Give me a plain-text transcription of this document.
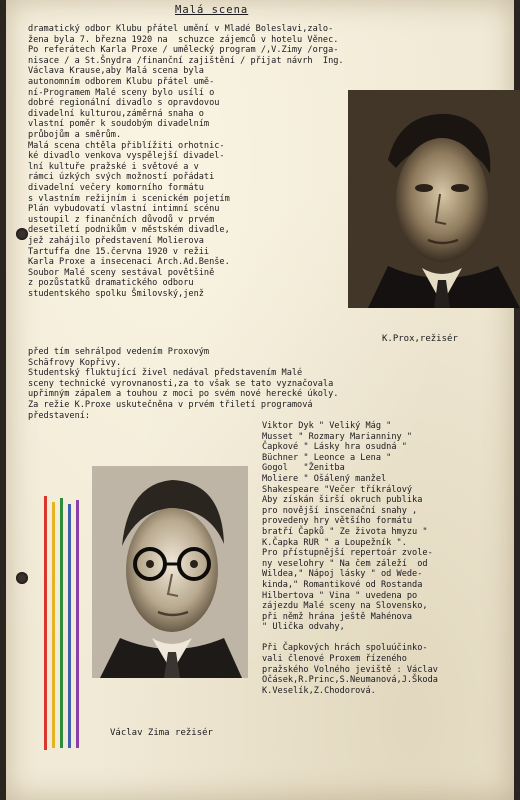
Malá scena
dramatický odbor Klubu přátel umění v Mladé Boleslavi,zalo-
žena byla 7. března 1920 na  schuzce zájemců v hotelu Věnec.
Po referátech Karla Proxe / umělecký program /,V.Zimy /orga-
nisace / a St.Šnydra /finanční zajištění / přijat návrh  Ing.
Václava Krause,aby Malá scena byla
autonomním odborem Klubu přátel umě-
ní-Programem Malé sceny bylo usílí o
dobré regionální divadlo s opravdovou
divadelní kulturou,záměrná snaha o
vlastní poměr k soudobým divadelním
průbojům a směrům.
Malá scena chtěla přiblížiti orhotnic-
ké divadlo venkova vyspělejší divadel-
lní kultuře pražské i světové a v
rámci úzkých svých možností pořádati
divadelní večery komorního formátu
s vlastním režijním i scenickém pojetím
Plán vybudovatí vlastní intimní scénu
ustoupil z finančních důvodů v prvém
desetiletí podnikům v městském divadle,
jež zahájilo představení Molierova
Tartuffa dne 15.června 1920 v režii
Karla Proxe a insecenaci Arch.Ad.Benše.
Soubor Malé sceny sestával povětšině
z pozůstatků dramatického odboru
studentského spolku Šmilovský,jenž
K.Prox,režisér
před tím sehrálpod vedením Proxovým
Schäfrovy Kopřivy.
Studentský fluktující živel nedával představením Malé
sceny technické vyrovnanosti,za to však se tato vyznačovala
upřimným zápalem a touhou z moci po svém nové herecké úkoly.
Za režie K.Proxe uskutečněna v prvém třiletí programová
představení:
Viktor Dyk " Veliký Mág "
Musset " Rozmary Marianniny "
Čapkové " Lásky hra osudná "
Büchner " Leonce a Lena "
Gogol   "Ženitba
Moliere " Ošálený manžel
Shakespeare "Večer tříkrálový
Aby získán širší okruch publika
pro novější inscenační snahy ,
provedeny hry většího formátu
bratří Čapků " Ze života hmyzu "
K.Čapka RUR " a Loupežník ".
Pro přístupnější repertoár zvole-
ny veselohry " Na čem záleží  od
Wildea," Nápoj lásky " od Wede-
kinda," Romantikové od Rostanda
Hilbertova " Vina " uvedena po
zájezdu Malé sceny na Slovensko,
při němž hrána ještě Mahénova
" Ulička odvahy,

Při Čapkových hrách spoluúčinko-
vali členové Proxem řízeného
pražského Volného jeviště : Václav
Očásek,R.Princ,S.Neumanová,J.Škoda
K.Veselík,Z.Chodorová.
Václav Zima režisér
